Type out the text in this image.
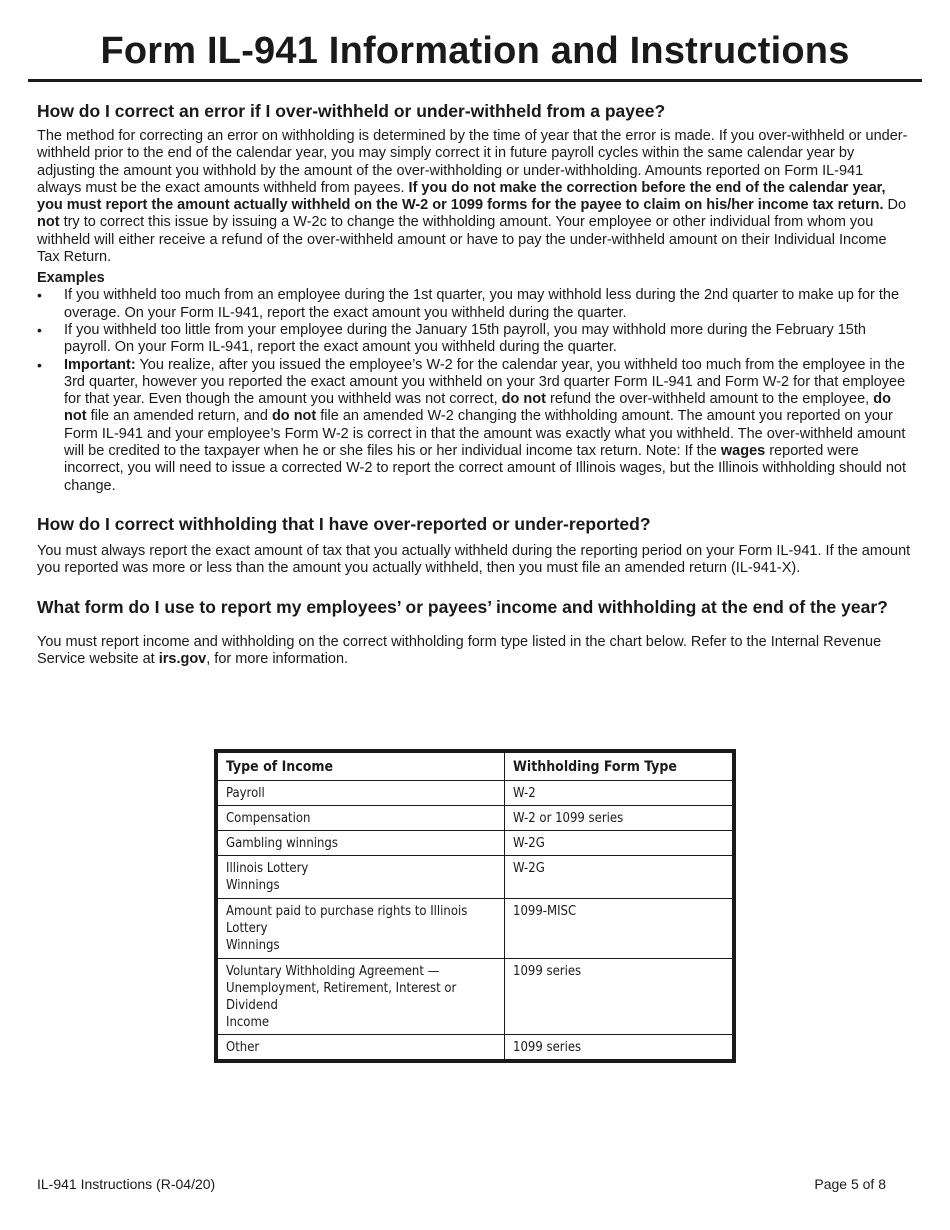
Form IL-941 Information and Instructions
How do I correct an error if I over-withheld or under-withheld from a payee?

The method for correcting an error on withholding is determined by the time of year that the error is made. If you over-withheld or under-withheld prior to the end of the calendar year, you may simply correct it in future payroll cycles within the same calendar year by adjusting the amount you withhold by the amount of the over-withholding or under-withholding. Amounts reported on Form IL-941 always must be the exact amounts withheld from payees. If you do not make the correction before the end of the calendar year, you must report the amount actually withheld on the W-2 or 1099 forms for the payee to claim on his/her income tax return. Do not try to correct this issue by issuing a W-2c to change the withholding amount. Your employee or other individual from whom you withheld will either receive a refund of the over-withheld amount or have to pay the under-withheld amount on their Individual Income Tax Return.

Examples
• If you withheld too much from an employee during the 1st quarter, you may withhold less during the 2nd quarter to make up for the overage. On your Form IL-941, report the exact amount you withheld during the quarter.
• If you withheld too little from your employee during the January 15th payroll, you may withhold more during the February 15th payroll. On your Form IL-941, report the exact amount you withheld during the quarter.
• Important: You realize, after you issued the employee’s W-2 for the calendar year, you withheld too much from the employee in the 3rd quarter, however you reported the exact amount you withheld on your 3rd quarter Form IL-941 and Form W-2 for that employee for that year. Even though the amount you withheld was not correct, do not refund the over-withheld amount to the employee, do not file an amended return, and do not file an amended W-2 changing the withholding amount. The amount you reported on your Form IL-941 and your employee’s Form W-2 is correct in that the amount was exactly what you withheld. The over-withheld amount will be credited to the taxpayer when he or she files his or her individual income tax return. Note: If the wages reported were incorrect, you will need to issue a corrected W-2 to report the correct amount of Illinois wages, but the Illinois withholding should not change.
How do I correct withholding that I have over-reported or under-reported?

You must always report the exact amount of tax that you actually withheld during the reporting period on your Form IL-941. If the amount you reported was more or less than the amount you actually withheld, then you must file an amended return (IL-941-X).

What form do I use to report my employees’ or payees’ income and withholding at the end of the year?

You must report income and withholding on the correct withholding form type listed in the chart below. Refer to the Internal Revenue Service website at irs.gov, for more information.

Type of Income	Withholding Form Type
Payroll	W-2
Compensation	W-2 or 1099 series
Gambling winnings	W-2G
Illinois Lottery
Winnings	W-2G
Amount paid to purchase rights to Illinois Lottery
Winnings	1099-MISC
Voluntary Withholding Agreement —
Unemployment, Retirement, Interest or Dividend
Income	1099 series
Other	1099 series
IL-941 Instructions (R-04/20)	Page 5 of 8
